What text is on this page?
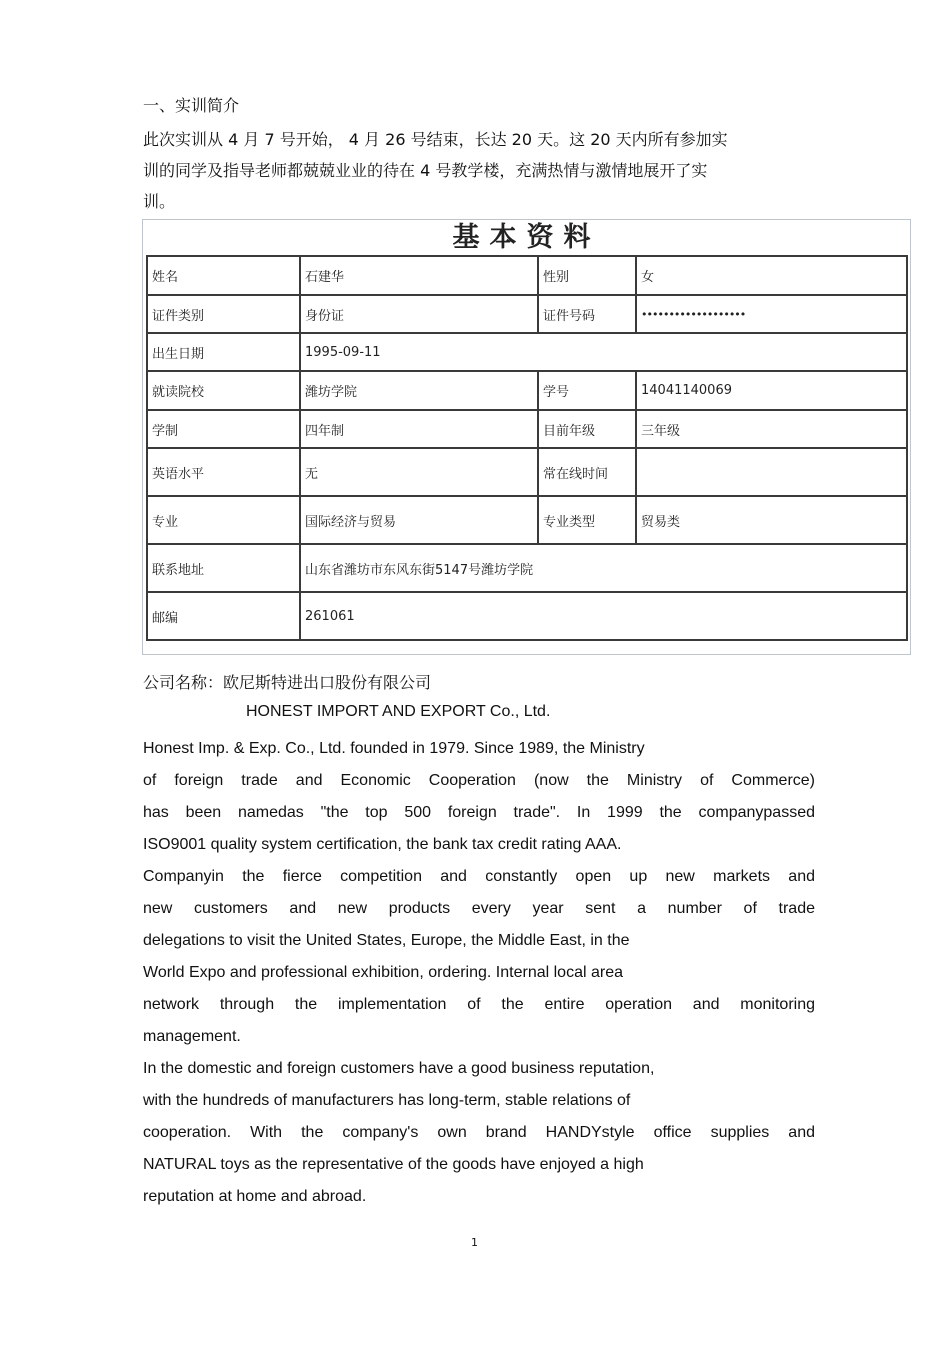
一、实训简介

此次实训从 4 月 7 号开始， 4 月 26 号结束，长达 20 天。这 20 天内所有参加实

训的同学及指导老师都兢兢业业的待在 4 号教学楼，充满热情与激情地展开了实

训。

基本资料
姓名	石建华	性别	女
证件类别	身份证	证件号码	•••••••••••••••••••
出生日期	1995-09-11		
就读院校	潍坊学院	学号	14041140069
学制	四年制	目前年级	三年级
英语水平	无	常在线时间	
专业	国际经济与贸易	专业类型	贸易类
联系地址	山东省潍坊市东风东街5147号潍坊学院		
邮编	261061		
公司名称：欧尼斯特进出口股份有限公司
HONEST IMPORT AND EXPORT Co., Ltd.

Honest Imp. & Exp. Co., Ltd. founded in 1979. Since 1989, the Ministry

of foreign trade and Economic Cooperation (now the Ministry of Commerce)

has been namedas "the top 500 foreign trade". In 1999 the companypassed

ISO9001 quality system certification, the bank tax credit rating AAA.

Companyin the fierce competition and constantly open up new markets and

new customers and new products every year sent a number of trade

delegations to visit the United States, Europe, the Middle East, in the

World Expo and professional exhibition, ordering. Internal local area

network through the implementation of the entire operation and monitoring

management.

In the domestic and foreign customers have a good business reputation,

with the hundreds of manufacturers has long-term, stable relations of

cooperation. With the company's own brand HANDYstyle office supplies and

NATURAL toys as the representative of the goods have enjoyed a high

reputation at home and abroad.

1
